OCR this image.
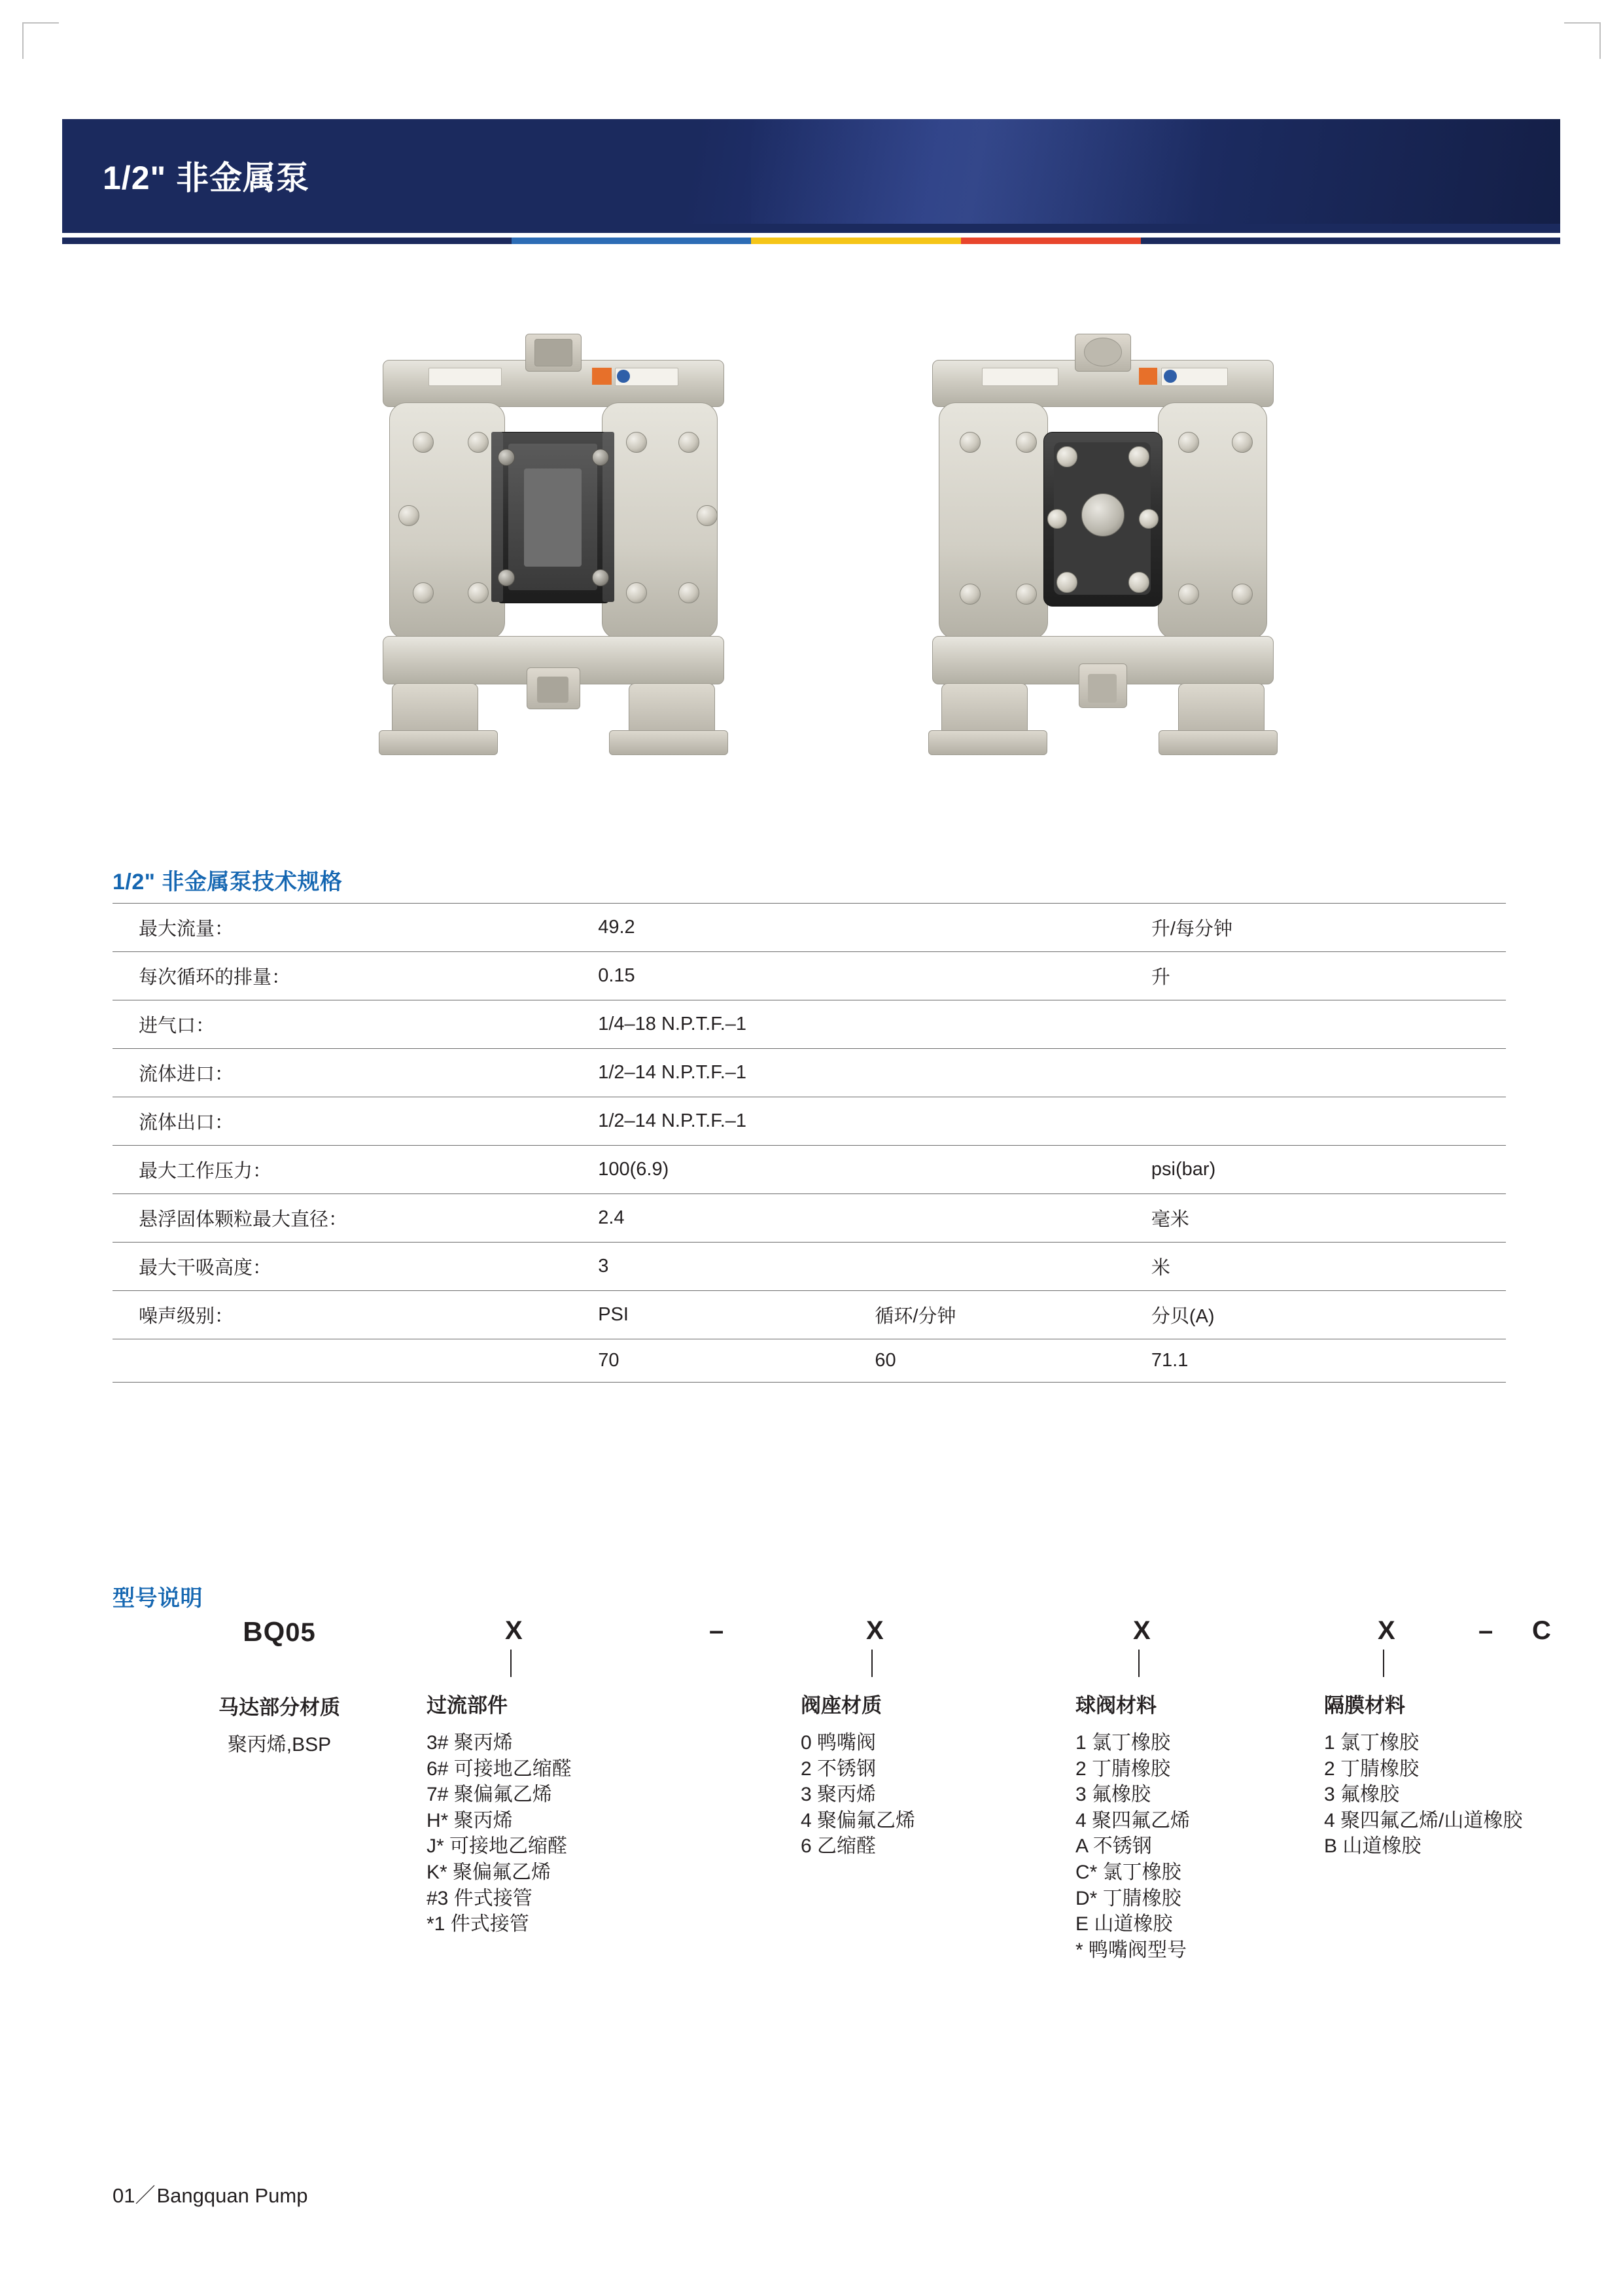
1/2" 非金属泵
1/2" 非金属泵技术规格
最大流量：	49.2		升/每分钟
每次循环的排量：	0.15		升
进气口：	1/4–18 N.P.T.F.–1		
流体进口：	1/2–14 N.P.T.F.–1		
流体出口：	1/2–14 N.P.T.F.–1		
最大工作压力：	100(6.9)		psi(bar)
悬浮固体颗粒最大直径：	2.4		毫米
最大干吸高度：	3		米
噪声级别：	PSI	循环/分钟	分贝(A)
	70	60	71.1
型号说明
BQ05
马达部分材质
聚丙烯,BSP
X
过流部件
3# 聚丙烯
6# 可接地乙缩醛
7# 聚偏氟乙烯
H* 聚丙烯
J* 可接地乙缩醛
K* 聚偏氟乙烯
#3 件式接管
*1 件式接管
–	X
阀座材质
0 鸭嘴阀
2 不锈钢
3 聚丙烯
4 聚偏氟乙烯
6 乙缩醛
X
球阀材料
1 氯丁橡胶
2 丁腈橡胶
3 氟橡胶
4 聚四氟乙烯
A 不锈钢
C* 氯丁橡胶
D* 丁腈橡胶
E 山道橡胶
* 鸭嘴阀型号
X
隔膜材料
1 氯丁橡胶
2 丁腈橡胶
3 氟橡胶
4 聚四氟乙烯/山道橡胶
B 山道橡胶
– C
01／Bangquan Pump
